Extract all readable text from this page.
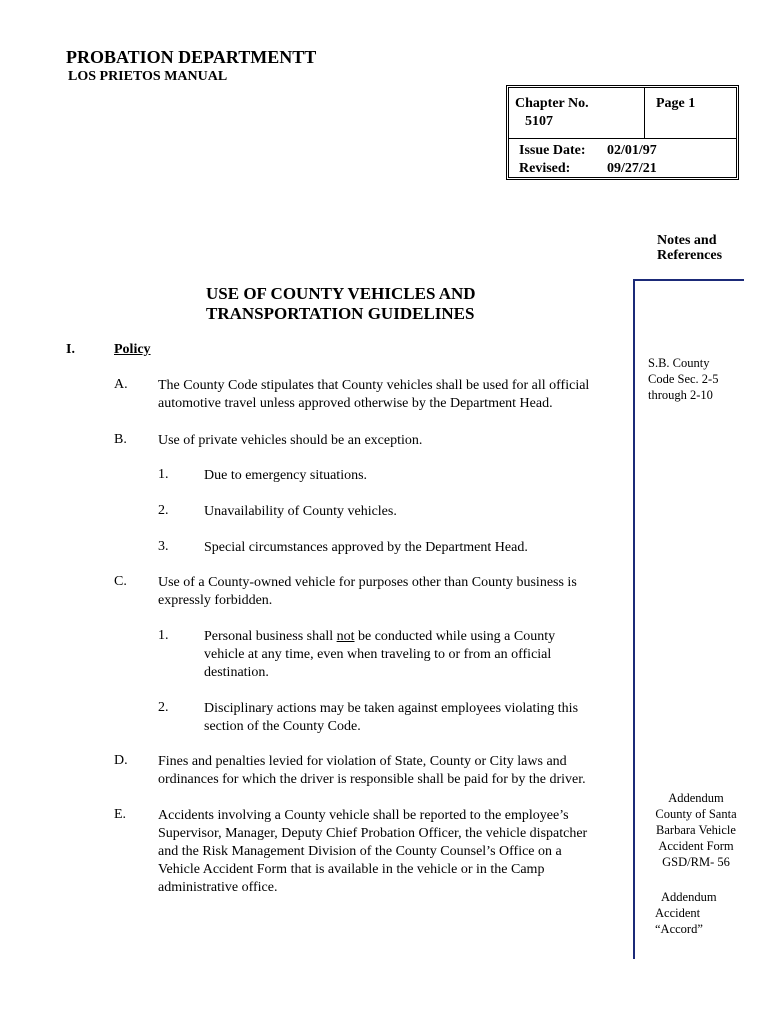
PROBATION DEPARTMENTT
LOS PRIETOS MANUAL
Chapter No.
5107
Page 1
Issue Date: 02/01/97
Revised:	09/27/21
Notes and
References
USE OF COUNTY VEHICLES AND
TRANSPORTATION GUIDELINES
I.	Policy
A. The County Code stipulates that County vehicles shall be used for all official
automotive travel unless approved otherwise by the Department Head.
B. Use of private vehicles should be an exception.
1.	Due to emergency situations.
2.	Unavailability of County vehicles.
3.	Special circumstances approved by the Department Head.
C. Use of a County-owned vehicle for purposes other than County business is
expressly forbidden.
1.	Personal business shall not be conducted while using a County
vehicle at any time, even when traveling to or from an official
destination.
2.	Disciplinary actions may be taken against employees violating this
section of the County Code.
D. Fines and penalties levied for violation of State, County or City laws and
ordinances for which the driver is responsible shall be paid for by the driver.
E. Accidents involving a County vehicle shall be reported to the employee’s
Supervisor, Manager, Deputy Chief Probation Officer, the vehicle dispatcher
and the Risk Management Division of the County Counsel’s Office on a
Vehicle Accident Form that is available in the vehicle or in the Camp
administrative office.
S.B. County
Code Sec. 2-5
through 2-10
Addendum
County of Santa
Barbara Vehicle
Accident Form
GSD/RM- 56
Addendum
Accident
“Accord”
